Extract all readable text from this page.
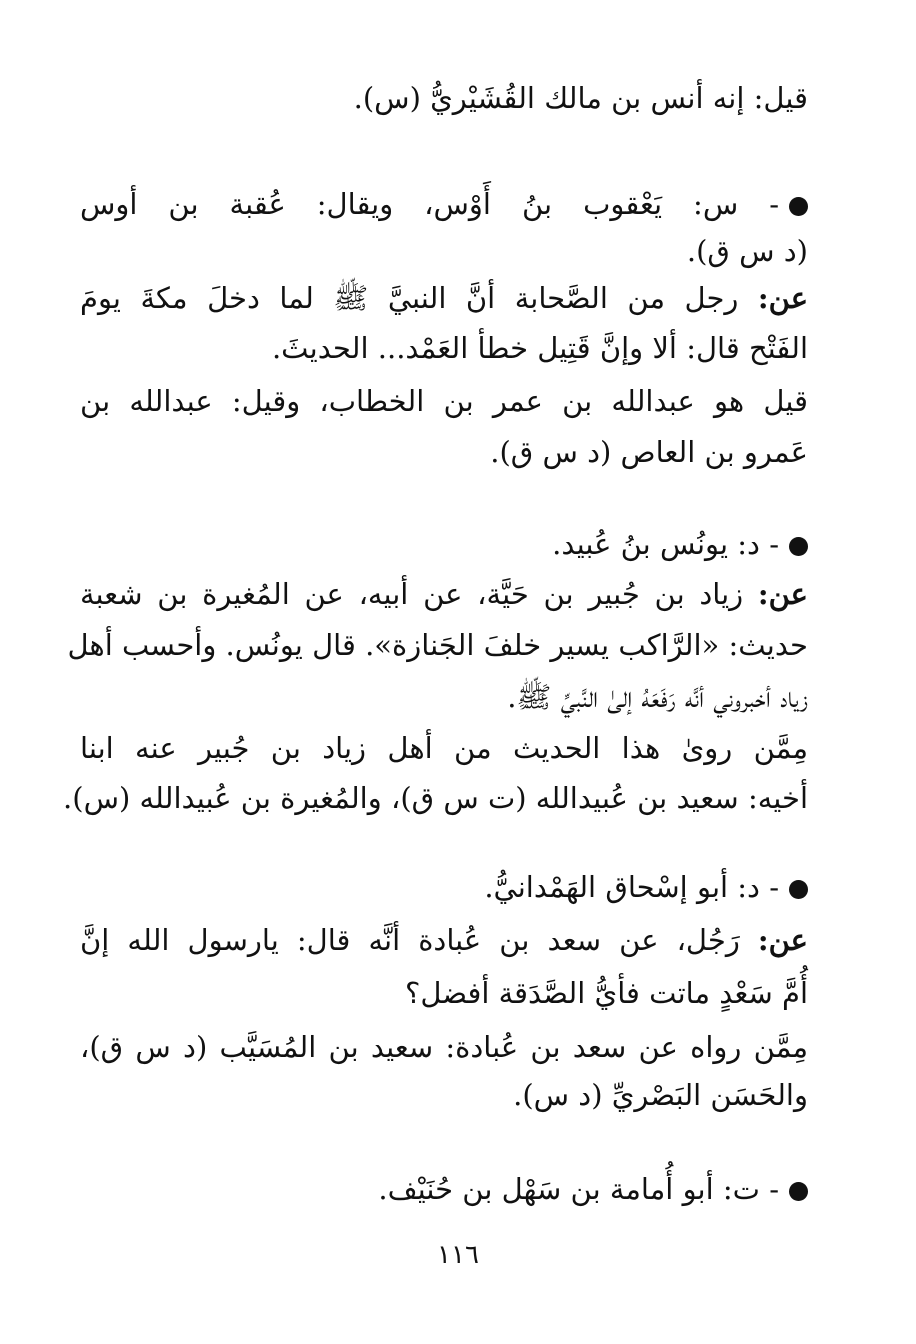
قيل: إنه أنس بن مالك القُشَيْريُّ (س).
- س: يَعْقوب بنُ أَوْس، ويقال: عُقبة بن أوس
(د س ق).
عن: رجل من الصَّحابة أنَّ النبيَّ ﷺ لما دخلَ مكةَ يومَ
الفَتْح قال: ألا وإنَّ قَتِيل خطأ العَمْد... الحديثَ.
قيل هو عبدالله بن عمر بن الخطاب، وقيل: عبدالله بن
عَمرو بن العاص (د س ق).
- د: يونُس بنُ عُبيد.
عن: زياد بن جُبير بن حَيَّة، عن أبيه، عن المُغيرة بن شعبة
حديث: «الرَّاكب يسير خلفَ الجَنازة». قال يونُس. وأحسب أهل
زياد أخبروني أنَّه رَفَعَهُ إلىٰ النَّبيِّ ﷺ.
مِمَّن روىٰ هذا الحديث من أهل زياد بن جُبير عنه ابنا
أخيه: سعيد بن عُبيدالله (ت س ق)، والمُغيرة بن عُبيدالله (س).
- د: أبو إسْحاق الهَمْدانيُّ.
عن: رَجُل، عن سعد بن عُبادة أنَّه قال: يارسول الله إنَّ
أُمَّ سَعْدٍ ماتت فأيُّ الصَّدَقة أفضل؟
مِمَّن رواه عن سعد بن عُبادة: سعيد بن المُسَيَّب (د س ق)،
والحَسَن البَصْريِّ (د س).
- ت: أبو أُمامة بن سَهْل بن حُنَيْف.
١١٦
